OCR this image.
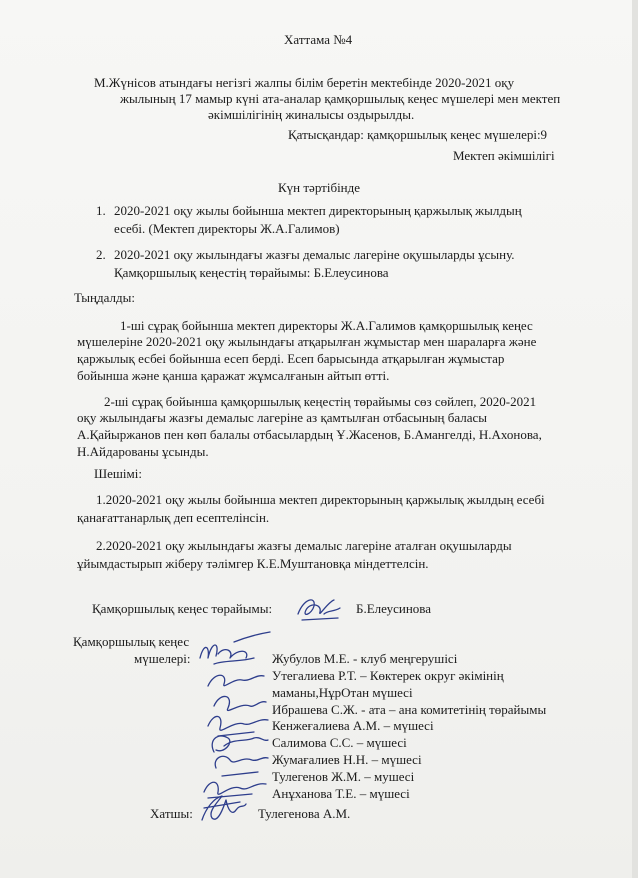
Хаттама №4
М.Жүнісов атындағы негізгі жалпы білім беретін мектебінде 2020-2021 оқу
жылының 17 мамыр күні ата-аналар қамқоршылық кеңес мүшелері мен мектеп
әкімшілігінің жиналысы оздырылды.
Қатысқандар: қамқоршылық кеңес мүшелері:9
Мектеп әкімшілігі
Күн тәртібінде
1. 2020-2021 оқу жылы бойынша мектеп директорының қаржылық жылдың
есебі. (Мектеп директоры Ж.А.Галимов)
2. 2020-2021 оқу жылындағы жазғы демалыс лагеріне оқушыларды ұсыну.
Қамқоршылық кеңестің төрайымы: Б.Елеусинова
Тыңдалды:
1-ші сұрақ бойынша мектеп директоры Ж.А.Галимов қамқоршылық кеңес
мүшелеріне 2020-2021 оқу жылындағы атқарылған жұмыстар мен шараларға және
қаржылық есбеі бойынша есеп берді. Есеп барысында атқарылған жұмыстар
бойынша және қанша қаражат жұмсалғанын айтып өтті.
2-ші сұрақ бойынша қамқоршылық кеңестің төрайымы сөз сөйлеп, 2020-2021
оқу жылындағы жазғы демалыс лагеріне аз қамтылған отбасының баласы
А.Қайыржанов пен көп балалы отбасылардың Ұ.Жасенов, Б.Амангелді, Н.Ахонова,
Н.Айдарованы ұсынды.
Шешімі:
1.2020-2021 оқу жылы бойынша мектеп директорының қаржылық жылдың есебі
қанағаттанарлық деп есептелінсін.
2.2020-2021 оқу жылындағы жазғы демалыс лагеріне аталған оқушыларды
ұйымдастырып жіберу тәлімгер К.Е.Муштановқа міндеттелсін.
Қамқоршылық кеңес төрайымы:	Б.Елеусинова
Қамқоршылық кеңес
мүшелері:	Жубулов М.Е. - клуб меңгерушісі
Утегалиева Р.Т. – Көктерек округ әкімінің
маманы,НұрОтан мүшесі
Ибрашева С.Ж. - ата – ана комитетінің төрайымы
Кенжеғалиева А.М. – мүшесі
Салимова С.С. – мүшесі
Жумағалиев Н.Н. – мүшесі
Тулегенов Ж.М. – мушесі
Анұханова Т.Е. – мүшесі
Хатшы:	Тулегенова А.М.
